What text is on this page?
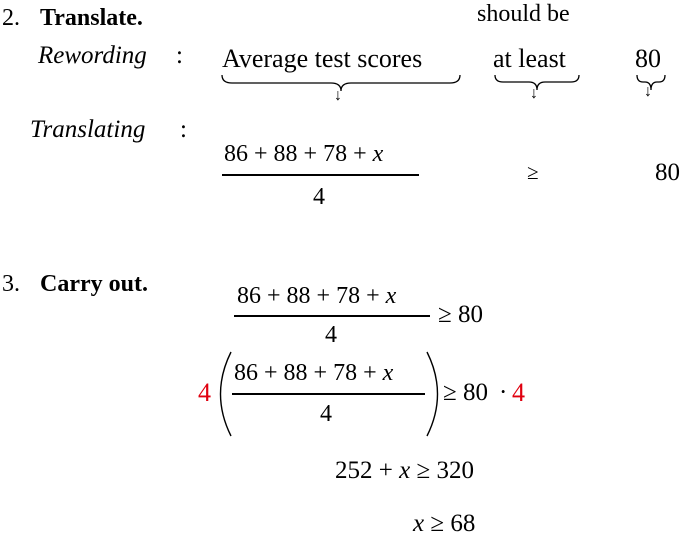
2. Translate.
Rewording : Average test scores
should be
at least	80
↓	↓	↓
Translating :
86 + 88 + 78 + x
4
≥	80
3. Carry out.	86 + 88 + 78 + x
4
≥ 80
4
86 + 88 + 78 + x
4
≥ 80 · 4
252 + x ≥ 320
x ≥ 68
